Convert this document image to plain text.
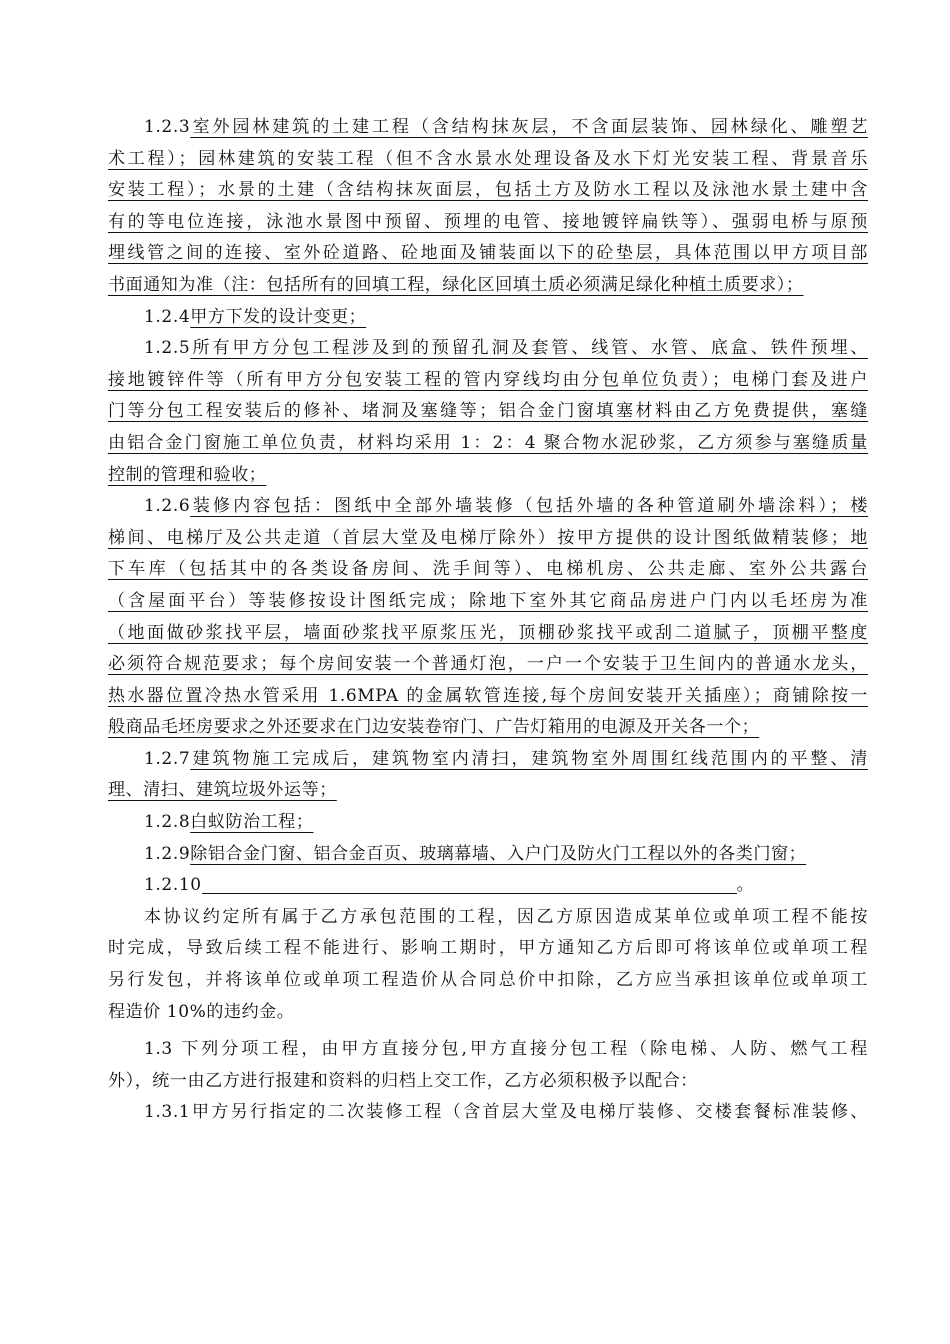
1.2.3室外园林建筑的土建工程（含结构抹灰层，不含面层装饰、园林绿化、雕塑艺
术工程）；园林建筑的安装工程（但不含水景水处理设备及水下灯光安装工程、背景音乐
安装工程）；水景的土建（含结构抹灰面层，包括土方及防水工程以及泳池水景土建中含
有的等电位连接，泳池水景图中预留、预埋的电管、接地镀锌扁铁等）、强弱电桥与原预
埋线管之间的连接、室外砼道路、砼地面及铺装面以下的砼垫层，具体范围以甲方项目部
书面通知为准（注：包括所有的回填工程，绿化区回填土质必须满足绿化种植土质要求）；
1.2.4甲方下发的设计变更；
1.2.5所有甲方分包工程涉及到的预留孔洞及套管、线管、水管、底盒、铁件预埋、
接地镀锌件等（所有甲方分包安装工程的管内穿线均由分包单位负责）；电梯门套及进户
门等分包工程安装后的修补、堵洞及塞缝等；铝合金门窗填塞材料由乙方免费提供，塞缝
由铝合金门窗施工单位负责，材料均采用 1：2：4 聚合物水泥砂浆，乙方须参与塞缝质量
控制的管理和验收；
1.2.6装修内容包括：图纸中全部外墙装修（包括外墙的各种管道刷外墙涂料）；楼
梯间、电梯厅及公共走道（首层大堂及电梯厅除外）按甲方提供的设计图纸做精装修；地
下车库（包括其中的各类设备房间、洗手间等）、电梯机房、公共走廊、室外公共露台
（含屋面平台）等装修按设计图纸完成；除地下室外其它商品房进户门内以毛坯房为准
（地面做砂浆找平层，墙面砂浆找平原浆压光，顶棚砂浆找平或刮二道腻子，顶棚平整度
必须符合规范要求；每个房间安装一个普通灯泡，一户一个安装于卫生间内的普通水龙头，
热水器位置冷热水管采用 1.6MPA 的金属软管连接,每个房间安装开关插座）；商铺除按一
般商品毛坯房要求之外还要求在门边安装卷帘门、广告灯箱用的电源及开关各一个；
1.2.7建筑物施工完成后，建筑物室内清扫，建筑物室外周围红线范围内的平整、清
理、清扫、建筑垃圾外运等；
1.2.8白蚁防治工程；
1.2.9除铝合金门窗、铝合金百页、玻璃幕墙、入户门及防火门工程以外的各类门窗；
1.2.10	。
本协议约定所有属于乙方承包范围的工程，因乙方原因造成某单位或单项工程不能按
时完成，导致后续工程不能进行、影响工期时，甲方通知乙方后即可将该单位或单项工程
另行发包，并将该单位或单项工程造价从合同总价中扣除，乙方应当承担该单位或单项工
程造价 10%的违约金。
1.3 下列分项工程，由甲方直接分包,甲方直接分包工程（除电梯、人防、燃气工程
外），统一由乙方进行报建和资料的归档上交工作，乙方必须积极予以配合：
1.3.1甲方另行指定的二次装修工程（含首层大堂及电梯厅装修、交楼套餐标准装修、
